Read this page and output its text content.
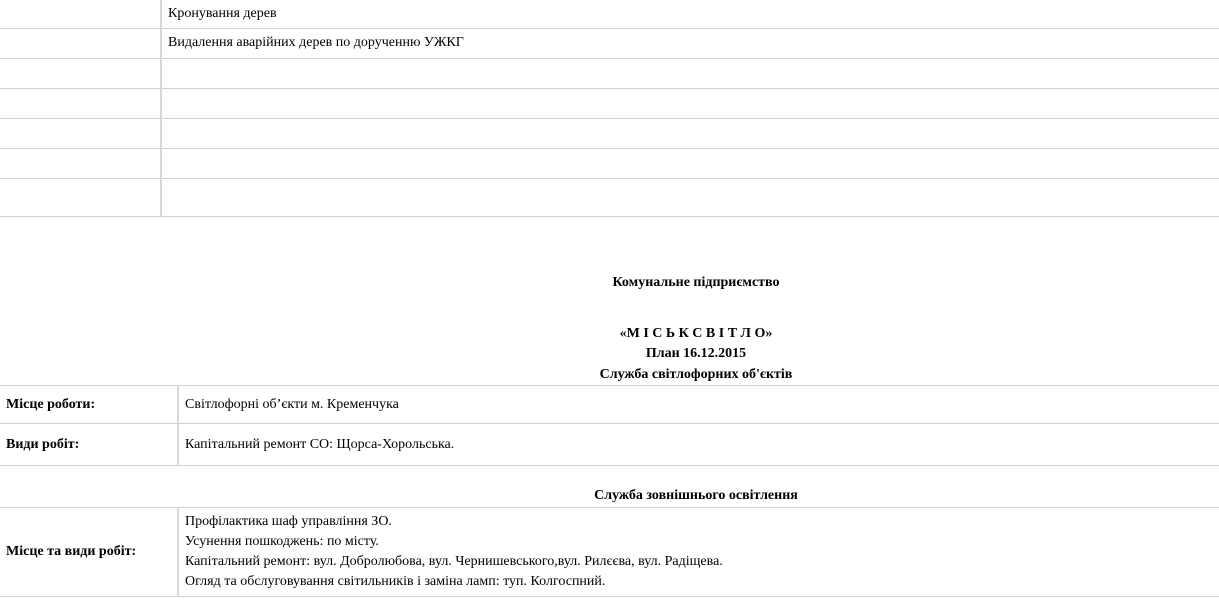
	Кронування дерев
	Видалення аварійних дерев по дорученню УЖКГ

Комунальне підприємство
«М І С Ь К С В І Т Л О»
План 16.12.2015
Служба світлофорних об'єктів
Місце роботи:	Світлофорні об’єкти м. Кременчука
Види робіт:	Капітальний ремонт СО: Щорса-Хорольська.
Служба зовнішнього освітлення
Місце та види робіт:	
Профілактика шаф управління ЗО.
Усунення пошкоджень: по місту.
Капітальний ремонт: вул. Добролюбова, вул. Чернишевського,вул. Рилєєва, вул. Радіщева.
Огляд та обслуговування світильників і заміна ламп: туп. Колгоспний.
